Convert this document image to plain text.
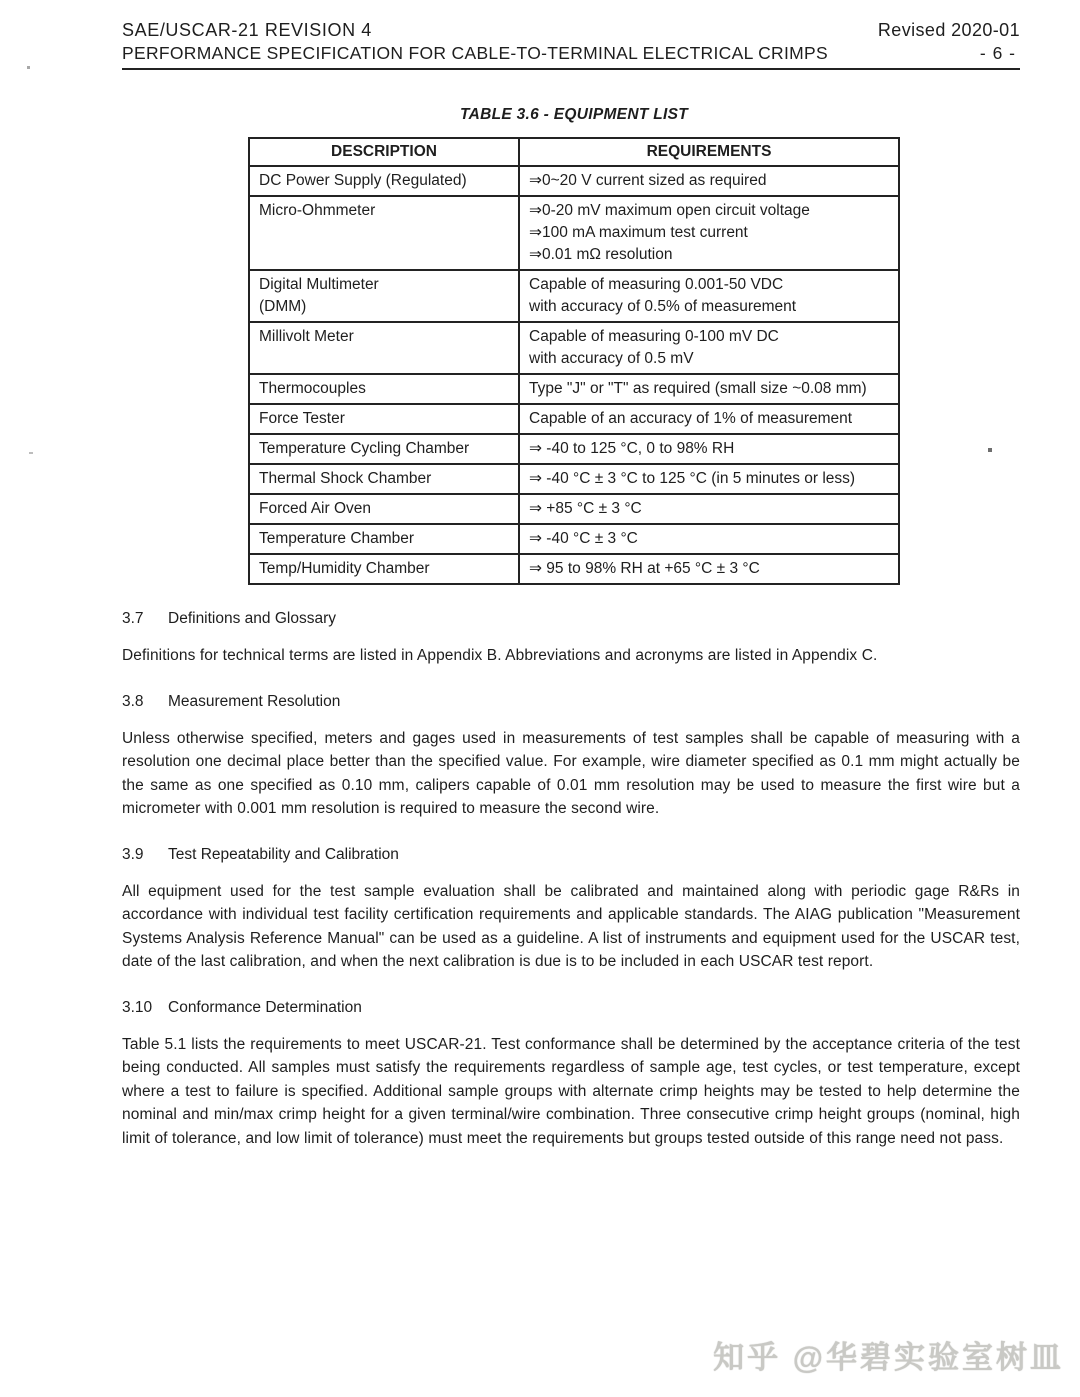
SAE/USCAR-21 REVISION 4	Revised 2020-01
PERFORMANCE SPECIFICATION FOR CABLE-TO-TERMINAL ELECTRICAL CRIMPS	- 6 -
TABLE 3.6 - EQUIPMENT LIST
DESCRIPTION	REQUIREMENTS

DC Power Supply (Regulated)	⇒0~20 V current sized as required

Micro-Ohmmeter	⇒0-20 mV maximum open circuit voltage
⇒100 mA maximum test current
⇒0.01 mΩ resolution

Digital Multimeter
(DMM)	Capable of measuring 0.001-50 VDC
with accuracy of 0.5% of measurement

Millivolt Meter	Capable of measuring 0-100 mV DC
with accuracy of 0.5 mV

Thermocouples	Type "J" or "T" as required (small size ~0.08 mm)

Force Tester	Capable of an accuracy of 1% of measurement

Temperature Cycling Chamber	⇒ -40 to 125 °C, 0 to 98% RH

Thermal Shock Chamber	⇒ -40 °C ± 3 °C to 125 °C (in 5 minutes or less)

Forced Air Oven	⇒ +85 °C ± 3 °C

Temperature Chamber	⇒ -40 °C ± 3 °C

Temp/Humidity Chamber	⇒ 95 to 98% RH at +65 °C ± 3 °C
3.7 Definitions and Glossary

Definitions for technical terms are listed in Appendix B. Abbreviations and acronyms are listed in Appendix C.

3.8 Measurement Resolution

Unless otherwise specified, meters and gages used in measurements of test samples shall be capable of measuring with a resolution one decimal place better than the specified value. For example, wire diameter specified as 0.1 mm might actually be the same as one specified as 0.10 mm, calipers capable of 0.01 mm resolution may be used to measure the first wire but a micrometer with 0.001 mm resolution is required to measure the second wire.

3.9 Test Repeatability and Calibration

All equipment used for the test sample evaluation shall be calibrated and maintained along with periodic gage R&Rs in accordance with individual test facility certification requirements and applicable standards. The AIAG publication "Measurement Systems Analysis Reference Manual" can be used as a guideline. A list of instruments and equipment used for the USCAR test, date of the last calibration, and when the next calibration is due is to be included in each USCAR test report.

3.10 Conformance Determination

Table 5.1 lists the requirements to meet USCAR-21. Test conformance shall be determined by the acceptance criteria of the test being conducted. All samples must satisfy the requirements regardless of sample age, test cycles, or test temperature, except where a test to failure is specified. Additional sample groups with alternate crimp heights may be tested to help determine the nominal and min/max crimp height for a given terminal/wire combination. Three consecutive crimp height groups (nominal, high limit of tolerance, and low limit of tolerance) must meet the requirements but groups tested outside of this range need not pass.

知乎 @华碧实验室树皿
